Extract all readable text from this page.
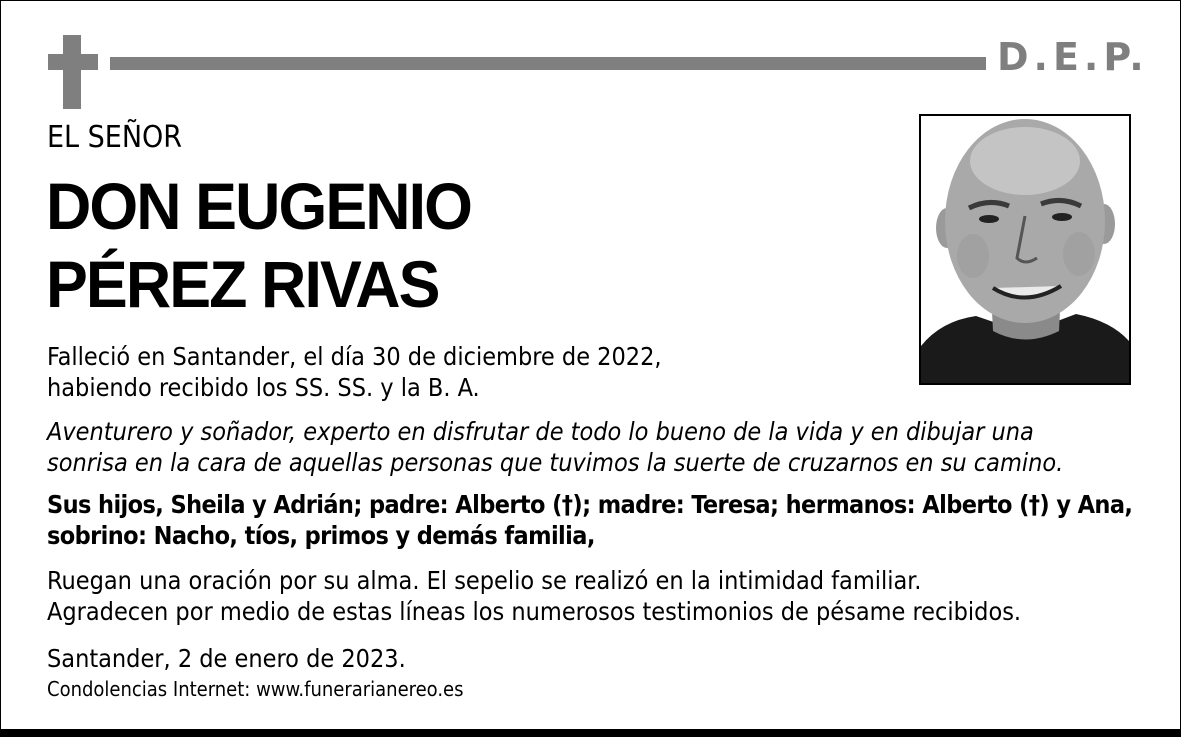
D.E.P.
EL SEÑOR
DON EUGENIO
PÉREZ RIVAS
Falleció en Santander, el día 30 de diciembre de 2022,
habiendo recibido los SS. SS. y la B. A.
Aventurero y soñador, experto en disfrutar de todo lo bueno de la vida y en dibujar una
sonrisa en la cara de aquellas personas que tuvimos la suerte de cruzarnos en su camino.
Sus hijos, Sheila y Adrián; padre: Alberto (†); madre: Teresa; hermanos: Alberto (†) y Ana,
sobrino: Nacho, tíos, primos y demás familia,
Ruegan una oración por su alma. El sepelio se realizó en la intimidad familiar.
Agradecen por medio de estas líneas los numerosos testimonios de pésame recibidos.
Santander, 2 de enero de 2023.
Condolencias Internet: www.funerarianereo.es
